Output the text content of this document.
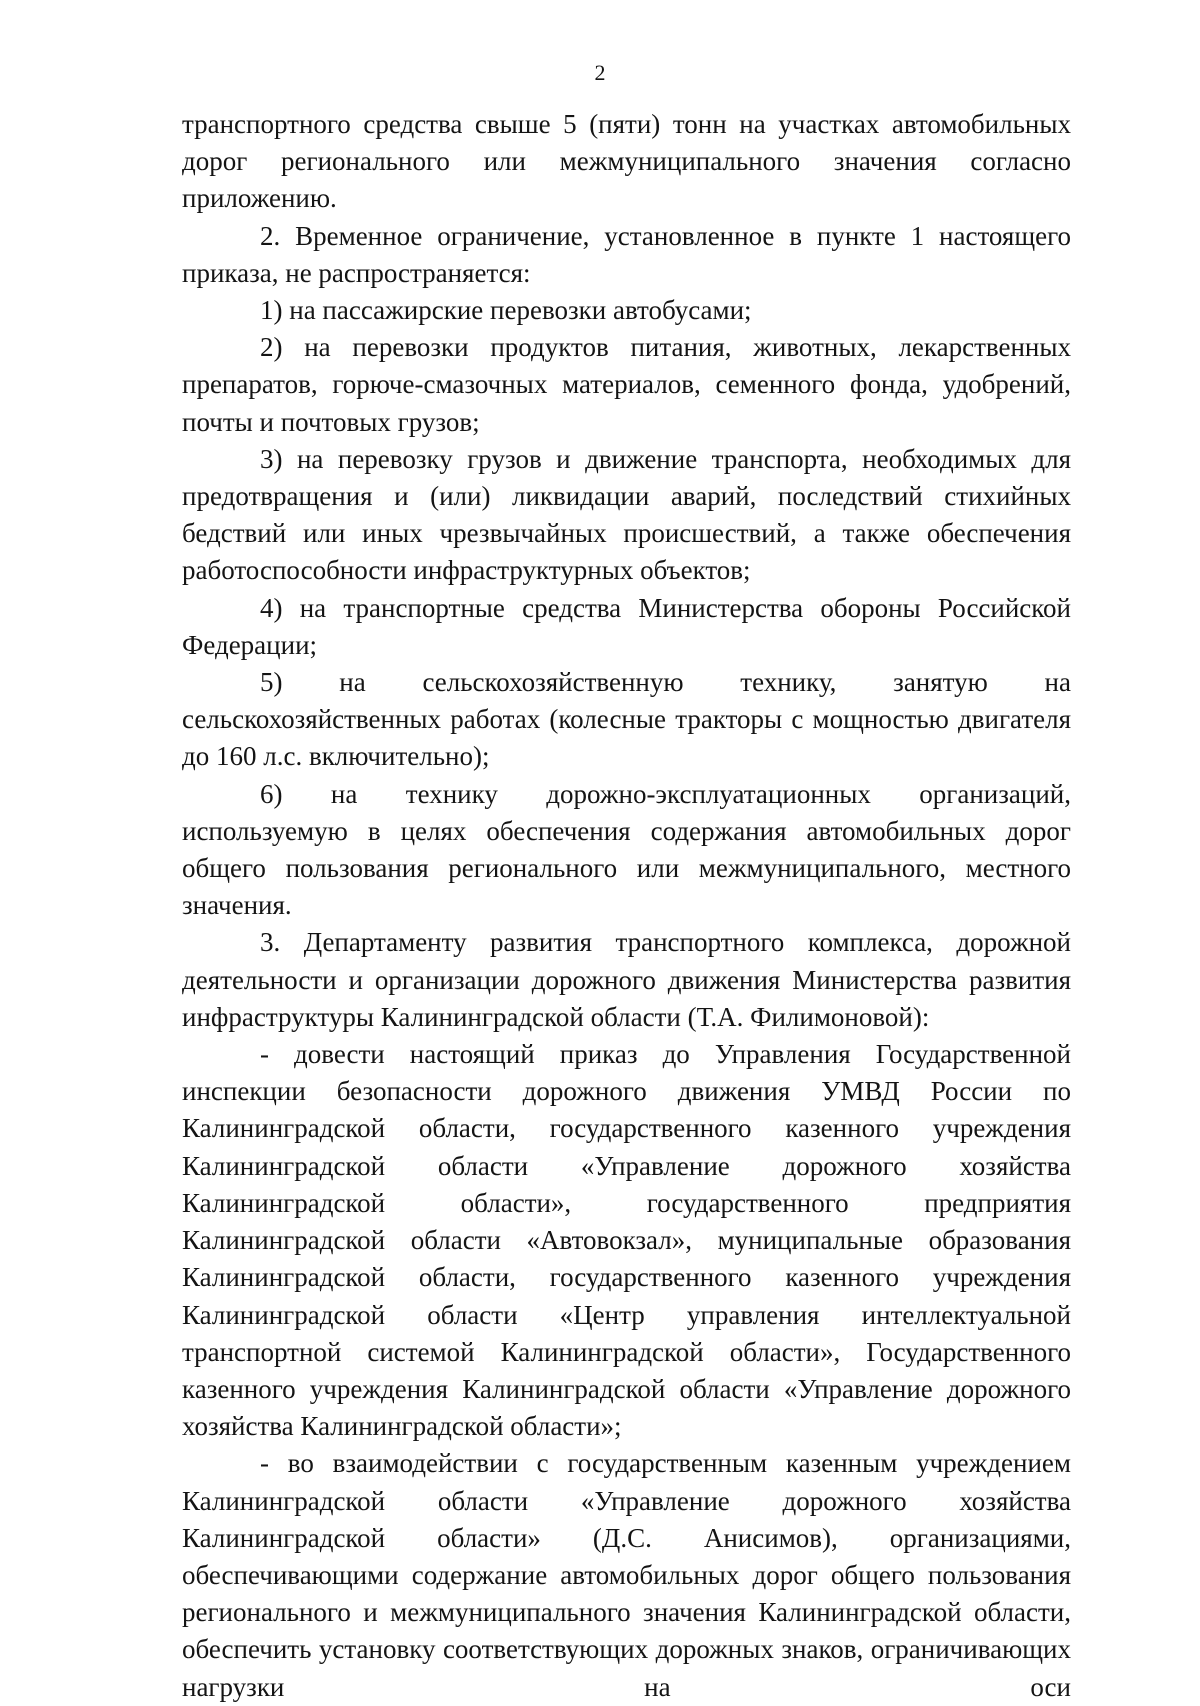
2

транспортного средства свыше 5 (пяти) тонн на участках автомобильных дорог регионального или межмуниципального значения согласно приложению.

2. Временное ограничение, установленное в пункте 1 настоящего приказа, не распространяется:

1) на пассажирские перевозки автобусами;

2) на перевозки продуктов питания, животных, лекарственных препаратов, горюче-смазочных материалов, семенного фонда, удобрений, почты и почтовых грузов;

3) на перевозку грузов и движение транспорта, необходимых для предотвращения и (или) ликвидации аварий, последствий стихийных бедствий или иных чрезвычайных происшествий, а также обеспечения работоспособности инфраструктурных объектов;

4) на транспортные средства Министерства обороны Российской Федерации;

5) на сельскохозяйственную технику, занятую на сельскохозяйственных работах (колесные тракторы с мощностью двигателя до 160 л.с. включительно);

6) на технику дорожно-эксплуатационных организаций, используемую в целях обеспечения содержания автомобильных дорог общего пользования регионального или межмуниципального, местного значения.

3. Департаменту развития транспортного комплекса, дорожной деятельности и организации дорожного движения Министерства развития инфраструктуры Калининградской области (Т.А. Филимоновой):

- довести настоящий приказ до Управления Государственной инспекции безопасности дорожного движения УМВД России по Калининградской области, государственного казенного учреждения Калининградской области «Управление дорожного хозяйства Калининградской области», государственного предприятия Калининградской области «Автовокзал», муниципальные образования Калининградской области, государственного казенного учреждения Калининградской области «Центр управления интеллектуальной транспортной системой Калининградской области», Государственного казенного учреждения Калининградской области «Управление дорожного хозяйства Калининградской области»;

- во взаимодействии с государственным казенным учреждением Калининградской области «Управление дорожного хозяйства Калининградской области» (Д.С. Анисимов), организациями, обеспечивающими содержание автомобильных дорог общего пользования регионального и межмуниципального значения Калининградской области, обеспечить установку соответствующих дорожных знаков, ограничивающих нагрузки на оси
